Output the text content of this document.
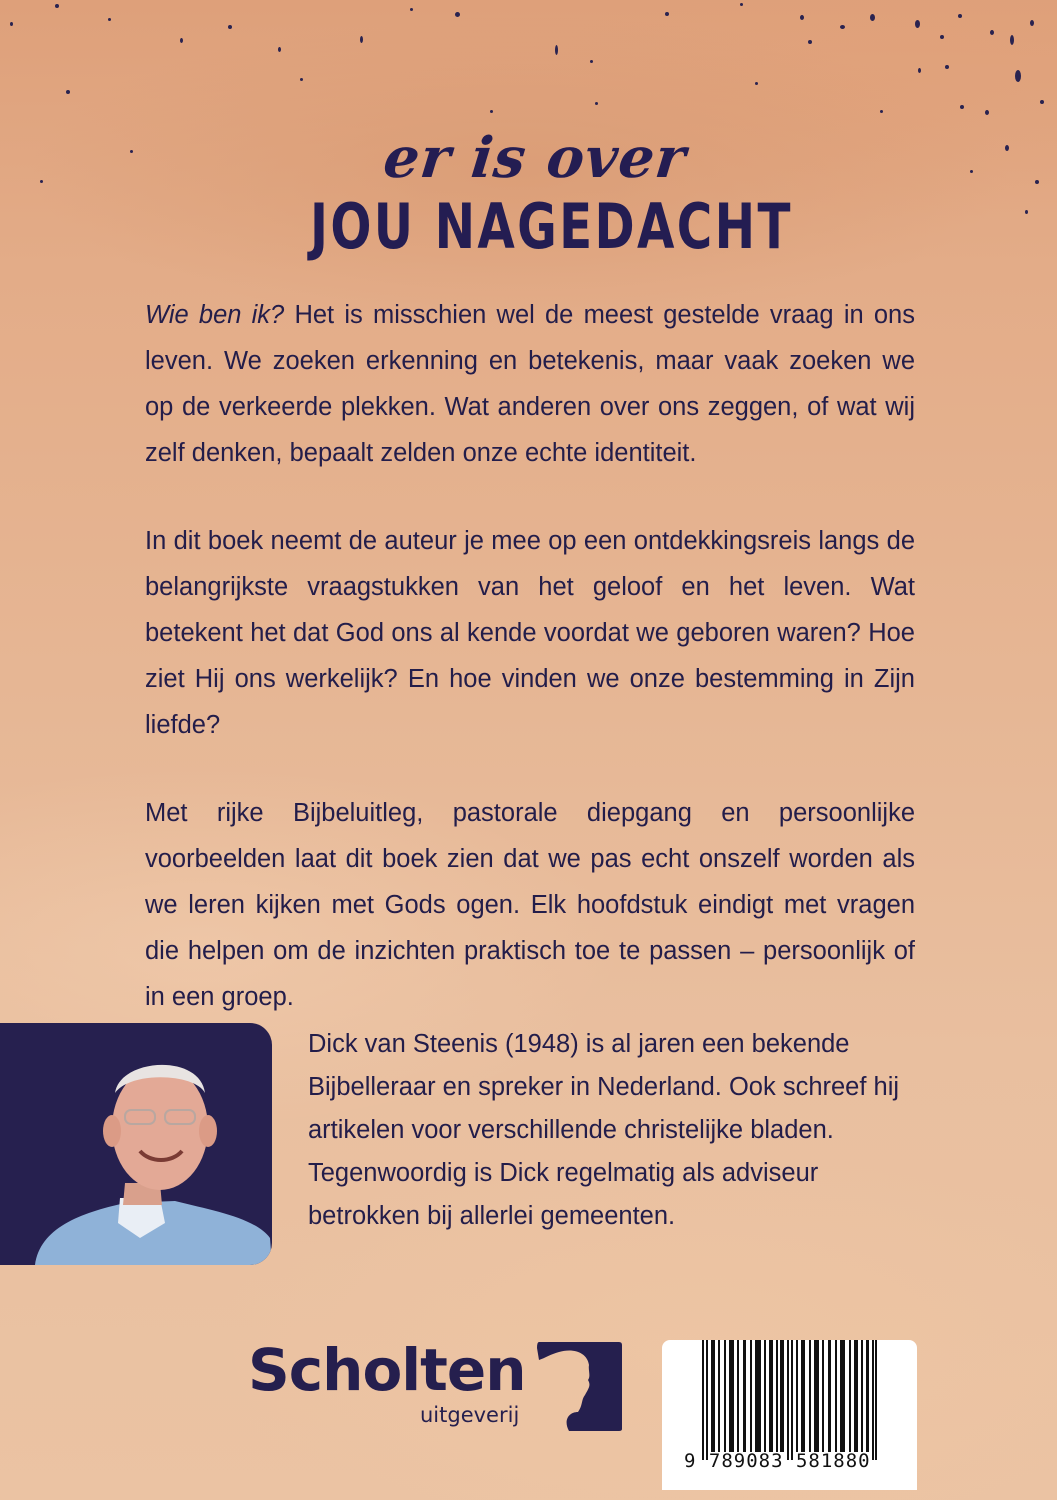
er is over
JOU NAGEDACHT
Wie ben ik? Het is misschien wel de meest gestelde vraag in ons leven. We zoeken erkenning en betekenis, maar vaak zoeken we op de verkeerde plekken. Wat anderen over ons zeggen, of wat wij zelf denken, bepaalt zelden onze echte identiteit.
In dit boek neemt de auteur je mee op een ontdekkingsreis langs de belangrijkste vraagstukken van het geloof en het leven. Wat betekent het dat God ons al kende voordat we geboren waren? Hoe ziet Hij ons werkelijk? En hoe vinden we onze bestemming in Zijn liefde?
Met rijke Bijbeluitleg, pastorale diepgang en persoonlijke voorbeelden laat dit boek zien dat we pas echt onszelf worden als we leren kijken met Gods ogen. Elk hoofdstuk eindigt met vragen die helpen om de inzichten praktisch toe te passen – persoonlijk of in een groep.
Dick van Steenis (1948) is al jaren een bekende Bijbelleraar en spreker in Nederland. Ook schreef hij artikelen voor verschillende christelijke bladen. Tegenwoordig is Dick regelmatig als adviseur betrokken bij allerlei gemeenten.
Scholten
uitgeverij
9 789083 581880
